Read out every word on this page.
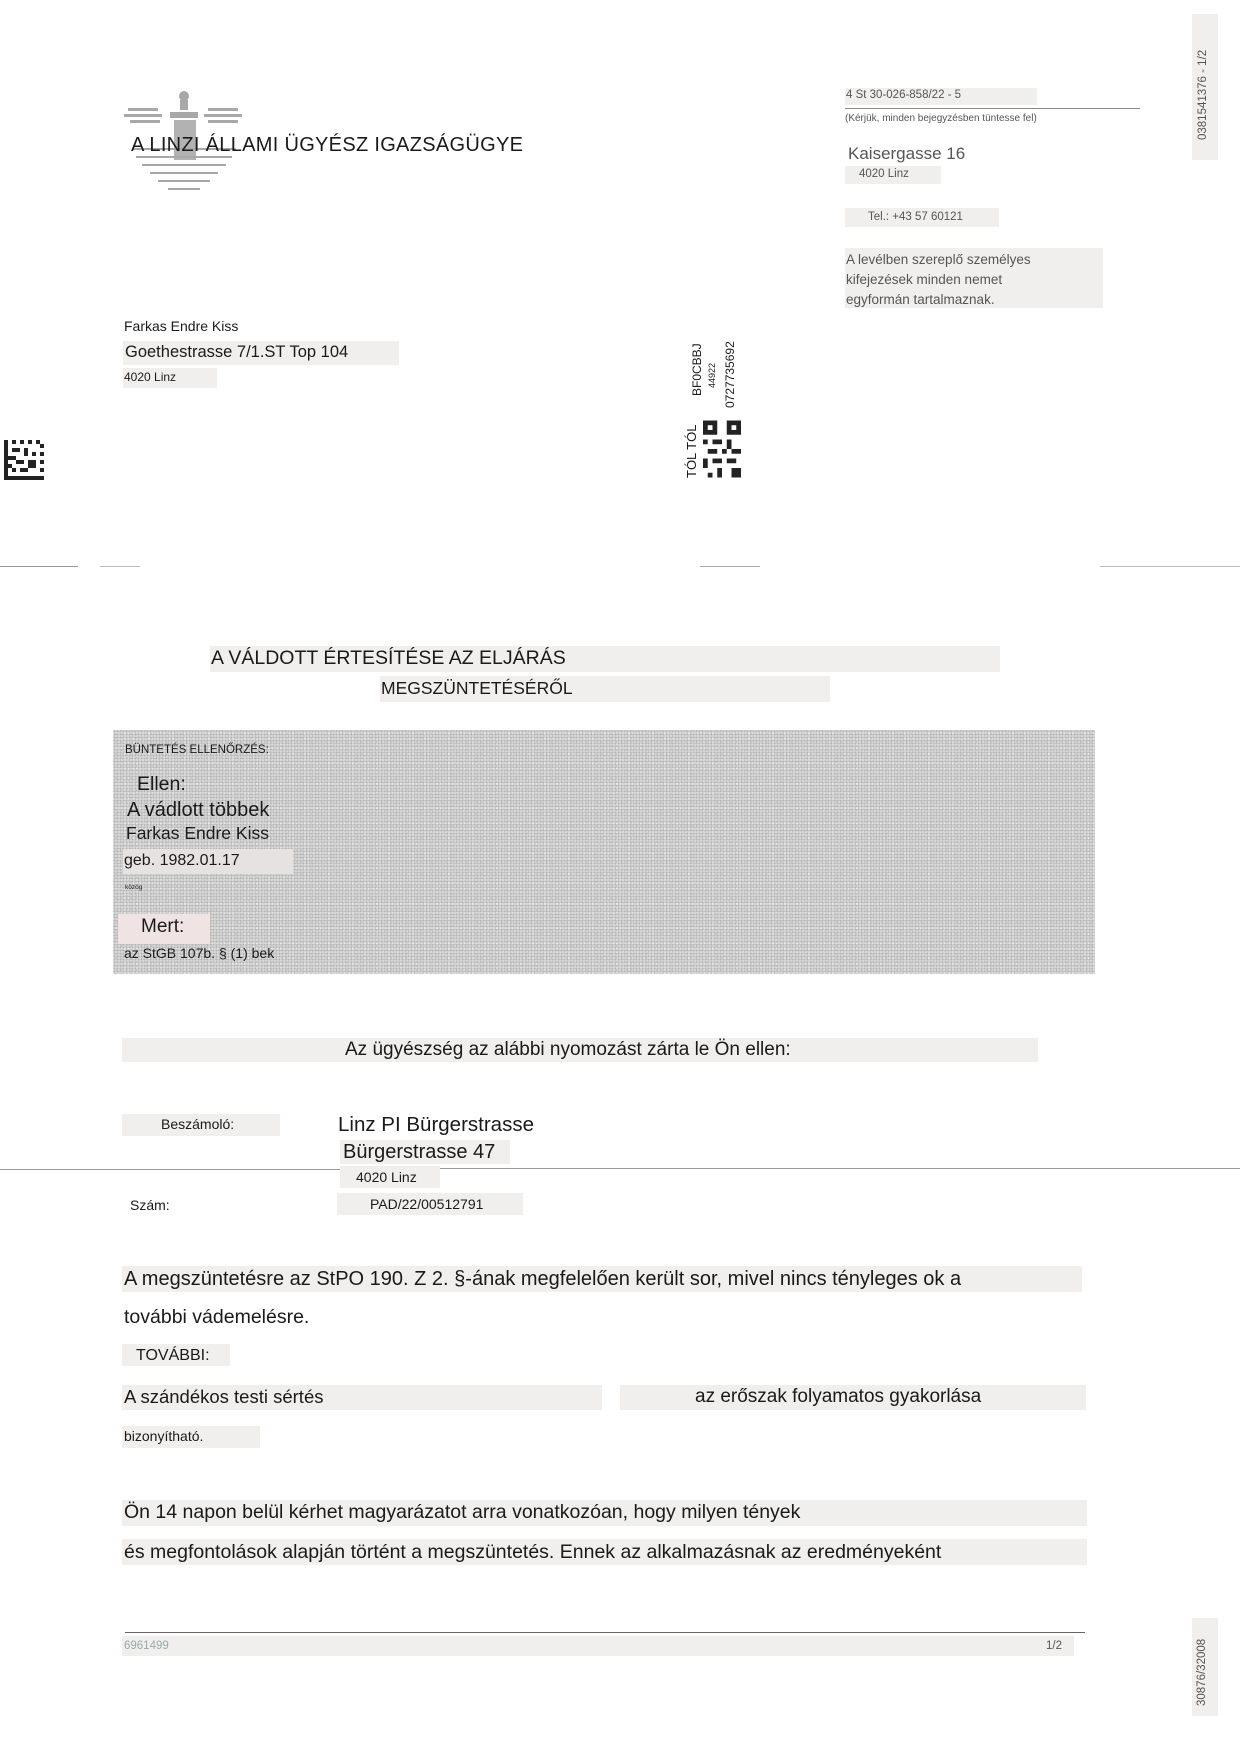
A LINZI ÁLLAMI ÜGYÉSZ IGAZSÁGÜGYE
4 St 30-026-858/22 - 5
(Kérjük, minden bejegyzésben tüntesse fel)
Kaisergasse 16
4020 Linz
Tel.: +43 57 60121
A levélben szereplő személyes
kifejezések minden nemet
egyformán tartalmaznak.
0381541376 - 1/2
Farkas Endre Kiss
Goethestrasse 7/1.ST Top 104
4020 Linz	BF0CBBJ 44922 0727735692
TÓL TÓL
A VÁLDOTT ÉRTESÍTÉSE AZ ELJÁRÁS
MEGSZÜNTETÉSÉRŐL
BÜNTETÉS ELLENŐRZÉS:
Ellen:
A vádlott többek
Farkas Endre Kiss
geb. 1982.01.17
közög
Mert:
az StGB 107b. § (1) bek
Az ügyészség az alábbi nyomozást zárta le Ön ellen:
Beszámoló:	Linz PI Bürgerstrasse
Bürgerstrasse 47
4020 Linz
Szám:	PAD/22/00512791
A megszüntetésre az StPO 190. Z 2. §-ának megfelelően került sor, mivel nincs tényleges ok a
további vádemelésre.
TOVÁBBI:
A szándékos testi sértés	az erőszak folyamatos gyakorlása
bizonyítható.
Ön 14 napon belül kérhet magyarázatot arra vonatkozóan, hogy milyen tények
és megfontolások alapján történt a megszüntetés. Ennek az alkalmazásnak az eredményeként
6961499	1/2	30876/32008
